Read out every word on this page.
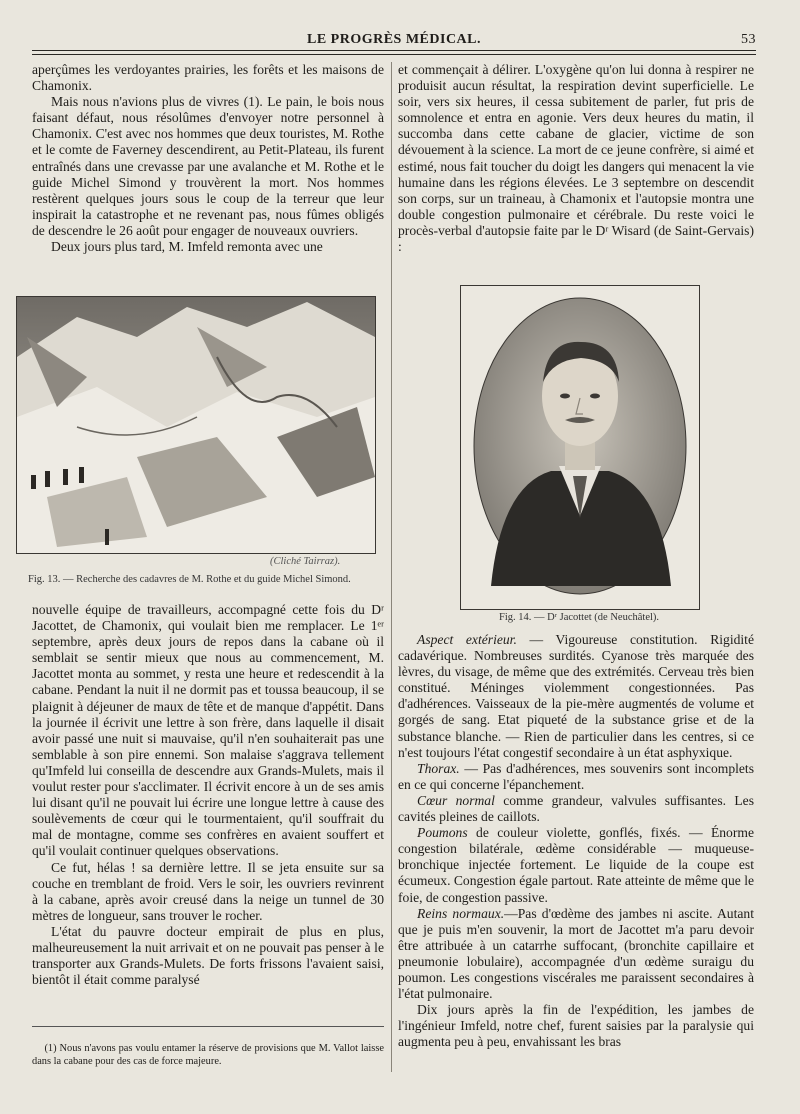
LE PROGRÈS MÉDICAL.	53

aperçûmes les verdoyantes prairies, les forêts et les maisons de Chamonix.

Mais nous n'avions plus de vivres (1). Le pain, le bois nous faisant défaut, nous résolûmes d'envoyer notre personnel à Chamonix. C'est avec nos hommes que deux touristes, M. Rothe et le comte de Faverney descendirent, au Petit-Plateau, ils furent entraînés dans une crevasse par une avalanche et M. Rothe et le guide Michel Simond y trouvèrent la mort. Nos hommes restèrent quelques jours sous le coup de la terreur que leur inspirait la catastrophe et ne revenant pas, nous fûmes obligés de descendre le 26 août pour engager de nouveaux ouvriers.

Deux jours plus tard, M. Imfeld remonta avec une

(Cliché Tairraz).
Fig. 13. — Recherche des cadavres de M. Rothe et du guide Michel Simond.

nouvelle équipe de travailleurs, accompagné cette fois du Dʳ Jacottet, de Chamonix, qui voulait bien me remplacer. Le 1ᵉʳ septembre, après deux jours de repos dans la cabane où il semblait se sentir mieux que nous au commencement, M. Jacottet monta au sommet, y resta une heure et redescendit à la cabane. Pendant la nuit il ne dormit pas et toussa beaucoup, il se plaignit à déjeuner de maux de tête et de manque d'appétit. Dans la journée il écrivit une lettre à son frère, dans laquelle il disait avoir passé une nuit si mauvaise, qu'il n'en souhaiterait pas une semblable à son pire ennemi. Son malaise s'aggrava tellement qu'Imfeld lui conseilla de descendre aux Grands-Mulets, mais il voulut rester pour s'acclimater. Il écrivit encore à un de ses amis lui disant qu'il ne pouvait lui écrire une longue lettre à cause des soulèvements de cœur qui le tourmentaient, qu'il souffrait du mal de montagne, comme ses confrères en avaient souffert et qu'il voulait continuer quelques observations.

Ce fut, hélas ! sa dernière lettre. Il se jeta ensuite sur sa couche en tremblant de froid. Vers le soir, les ouvriers revinrent à la cabane, après avoir creusé dans la neige un tunnel de 30 mètres de longueur, sans trouver le rocher.

L'état du pauvre docteur empirait de plus en plus, malheureusement la nuit arrivait et on ne pouvait pas penser à le transporter aux Grands-Mulets. De forts frissons l'avaient saisi, bientôt il était comme paralysé

(1) Nous n'avons pas voulu entamer la réserve de provisions que M. Vallot laisse dans la cabane pour des cas de force majeure.

et commençait à délirer. L'oxygène qu'on lui donna à respirer ne produisit aucun résultat, la respiration devint superficielle. Le soir, vers six heures, il cessa subitement de parler, fut pris de somnolence et entra en agonie. Vers deux heures du matin, il succomba dans cette cabane de glacier, victime de son dévouement à la science. La mort de ce jeune confrère, si aimé et estimé, nous fait toucher du doigt les dangers qui menacent la vie humaine dans les régions élevées. Le 3 septembre on descendit son corps, sur un traineau, à Chamonix et l'autopsie montra une double congestion pulmonaire et cérébrale. Du reste voici le procès-verbal d'autopsie faite par le Dʳ Wisard (de Saint-Gervais) :

Fig. 14. — Dʳ Jacottet (de Neuchâtel).

Aspect extérieur. — Vigoureuse constitution. Rigidité cadavérique. Nombreuses surdités. Cyanose très marquée des lèvres, du visage, de même que des extrémités. Cerveau très bien constitué. Méninges violemment congestionnées. Pas d'adhérences. Vaisseaux de la pie-mère augmentés de volume et gorgés de sang. Etat piqueté de la substance grise et de la substance blanche. — Rien de particulier dans les centres, si ce n'est toujours l'état congestif secondaire à un état asphyxique.

Thorax. — Pas d'adhérences, mes souvenirs sont incomplets en ce qui concerne l'épanchement.

Cœur normal comme grandeur, valvules suffisantes. Les cavités pleines de caillots.

Poumons de couleur violette, gonflés, fixés. — Énorme congestion bilatérale, œdème considérable — muqueuse-bronchique injectée fortement. Le liquide de la coupe est écumeux. Congestion égale partout. Rate atteinte de même que le foie, de congestion passive.

Reins normaux.—Pas d'œdème des jambes ni ascite. Autant que je puis m'en souvenir, la mort de Jacottet m'a paru devoir être attribuée à un catarrhe suffocant, (bronchite capillaire et pneumonie lobulaire), accompagnée d'un œdème suraigu du poumon. Les congestions viscérales me paraissent secondaires à l'état pulmonaire.

Dix jours après la fin de l'expédition, les jambes de l'ingénieur Imfeld, notre chef, furent saisies par la paralysie qui augmenta peu à peu, envahissant les bras
